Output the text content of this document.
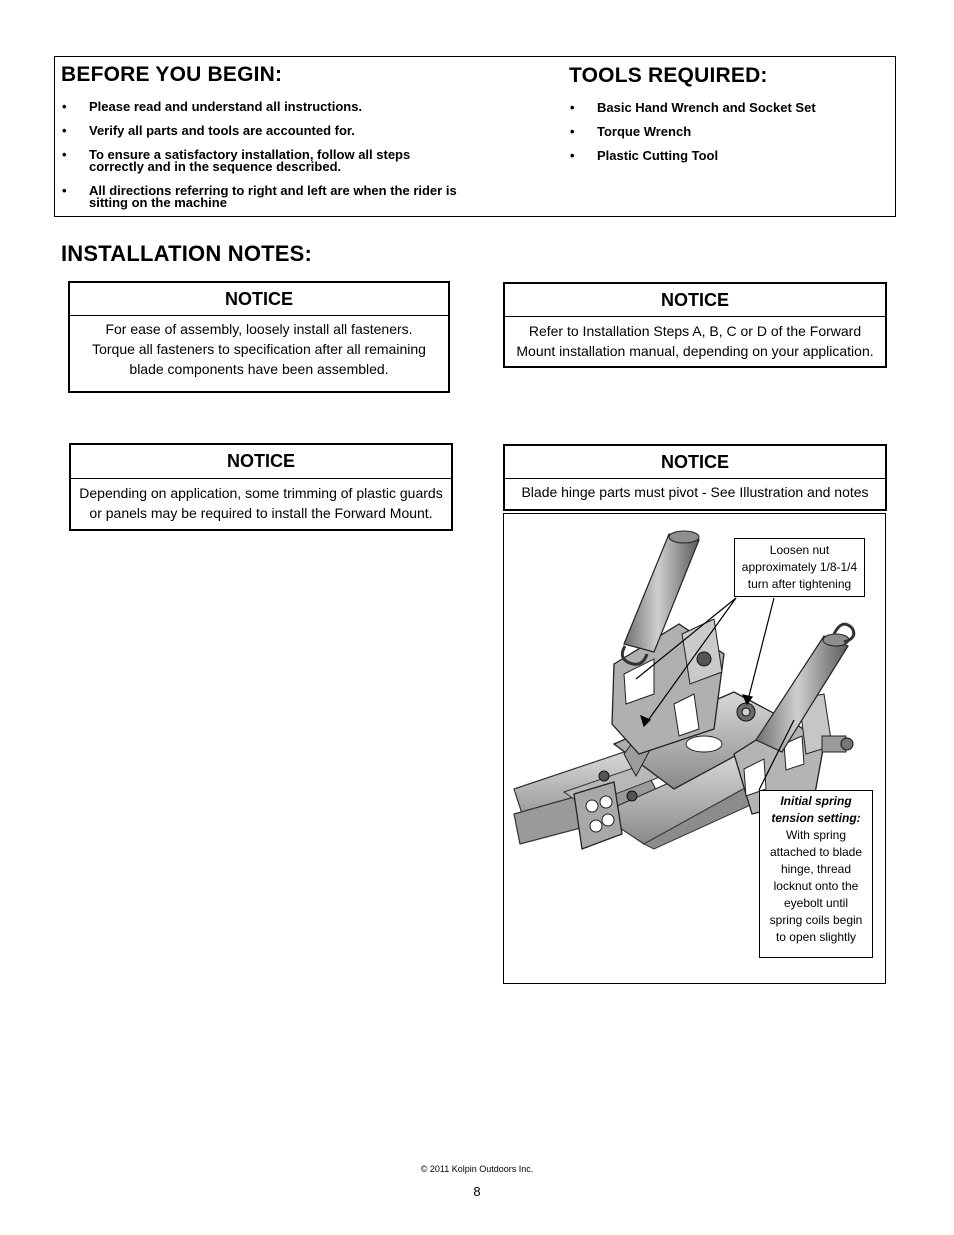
BEFORE YOU BEGIN:
• Please read and understand all instructions.
• Verify all parts and tools are accounted for.
• To ensure a satisfactory installation, follow all steps correctly and in the sequence described.
• All directions referring to right and left are when the rider is sitting on the machine
TOOLS REQUIRED:
• Basic Hand Wrench and Socket Set
• Torque Wrench
• Plastic Cutting Tool
INSTALLATION NOTES:
NOTICE
For ease of assembly, loosely install all fasteners.
Torque all fasteners to specification after all remaining
blade components have been assembled.
NOTICE
Refer to Installation Steps A, B, C or D of the Forward
Mount installation manual, depending on your application.
NOTICE
Depending on application, some trimming of plastic guards
or panels may be required to install the Forward Mount.
NOTICE
Blade hinge parts must pivot - See Illustration and notes
Loosen nut
approximately 1/8-1/4
turn after tightening
Initial spring
tension setting:
With spring
attached to blade
hinge, thread
locknut onto the
eyebolt until
spring coils begin
to open slightly
© 2011 Kolpin Outdoors Inc.
8
